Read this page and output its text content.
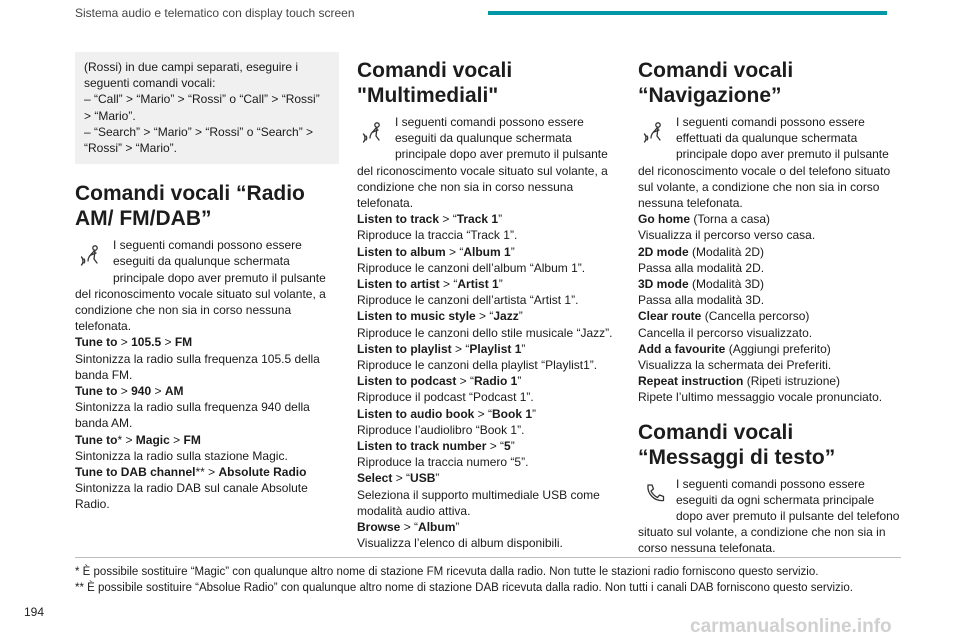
Sistema audio e telematico con display touch screen

(Rossi) in due campi separati, eseguire i seguenti comandi vocali:

– “Call” > “Mario” > “Rossi” o “Call” > “Rossi” > “Mario”.

– “Search” > “Mario” > “Rossi” o “Search” > “Rossi” > “Mario”.

Comandi vocali “Radio AM/ FM/DAB”

I seguenti comandi possono essere eseguiti da qualunque schermata principale dopo aver premuto il pulsante del riconoscimento vocale situato sul volante, a condizione che non sia in corso nessuna telefonata.

Tune to > 105.5 > FM

Sintonizza la radio sulla frequenza 105.5 della banda FM.

Tune to > 940 > AM

Sintonizza la radio sulla frequenza 940 della banda AM.

Tune to* > Magic > FM

Sintonizza la radio sulla stazione Magic.

Tune to DAB channel** > Absolute Radio

Sintonizza la radio DAB sul canale Absolute Radio.

Comandi vocali "Multimediali"

I seguenti comandi possono essere eseguiti da qualunque schermata principale dopo aver premuto il pulsante del riconoscimento vocale situato sul volante, a condizione che non sia in corso nessuna telefonata.

Listen to track > “Track 1”

Riproduce la traccia “Track 1”.

Listen to album > “Album 1”

Riproduce le canzoni dell’album “Album 1”.

Listen to artist > “Artist 1”

Riproduce le canzoni dell’artista “Artist 1”.

Listen to music style > “Jazz”

Riproduce le canzoni dello stile musicale “Jazz”.

Listen to playlist > “Playlist 1”

Riproduce le canzoni della playlist “Playlist1”.

Listen to podcast > “Radio 1”

Riproduce il podcast “Podcast 1”.

Listen to audio book > “Book 1”

Riproduce l’audiolibro “Book 1”.

Listen to track number > “5”

Riproduce la traccia numero “5”.

Select > “USB”

Seleziona il supporto multimediale USB come modalità audio attiva.

Browse > “Album”

Visualizza l’elenco di album disponibili.

Comandi vocali “Navigazione”

I seguenti comandi possono essere effettuati da qualunque schermata principale dopo aver premuto il pulsante del riconoscimento vocale o del telefono situato sul volante, a condizione che non sia in corso nessuna telefonata.

Go home (Torna a casa)

Visualizza il percorso verso casa.

2D mode (Modalità 2D)

Passa alla modalità 2D.

3D mode (Modalità 3D)

Passa alla modalità 3D.

Clear route (Cancella percorso)

Cancella il percorso visualizzato.

Add a favourite (Aggiungi preferito)

Visualizza la schermata dei Preferiti.

Repeat instruction (Ripeti istruzione)

Ripete l’ultimo messaggio vocale pronunciato.

Comandi vocali “Messaggi di testo”

I seguenti comandi possono essere eseguiti da ogni schermata principale dopo aver premuto il pulsante del telefono situato sul volante, a condizione che non sia in corso nessuna telefonata.

* È possibile sostituire “Magic” con qualunque altro nome di stazione FM ricevuta dalla radio. Non tutte le stazioni radio forniscono questo servizio.

** È possibile sostituire “Absolue Radio” con qualunque altro nome di stazione DAB ricevuta dalla radio. Non tutti i canali DAB forniscono questo servizio.

194
carmanualsonline.info
